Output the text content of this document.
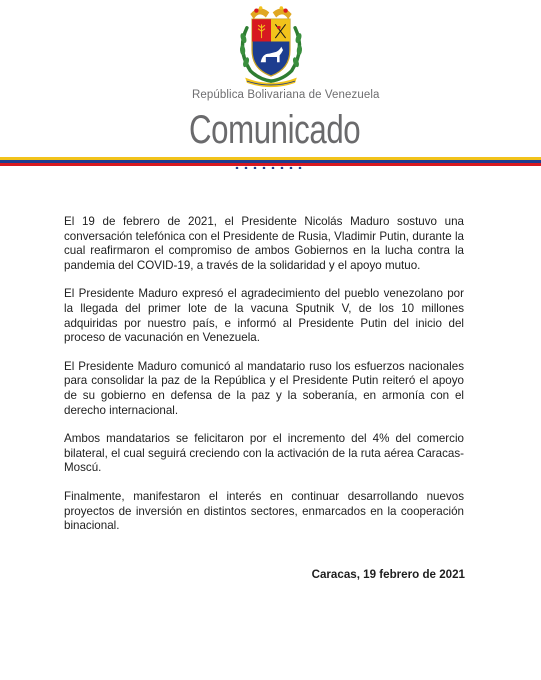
República Bolivariana de Venezuela
Comunicado

El 19 de febrero de 2021, el Presidente Nicolás Maduro sostuvo una conversación telefónica con el Presidente de Rusia, Vladimir Putin, durante la cual reafirmaron el compromiso de ambos Gobiernos en la lucha contra la pandemia del COVID-19, a través de la solidaridad y el apoyo mutuo.

El Presidente Maduro expresó el agradecimiento del pueblo venezolano por la llegada del primer lote de la vacuna Sputnik V, de los 10 millones adquiridas por nuestro país, e informó al Presidente Putin del inicio del proceso de vacunación en Venezuela.

El Presidente Maduro comunicó al mandatario ruso los esfuerzos nacionales para consolidar la paz de la República y el Presidente Putin reiteró el apoyo de su gobierno en defensa de la paz y la soberanía, en armonía con el derecho internacional.

Ambos mandatarios se felicitaron por el incremento del 4% del comercio bilateral, el cual seguirá creciendo con la activación de la ruta aérea Caracas-Moscú.

Finalmente, manifestaron el interés en continuar desarrollando nuevos proyectos de inversión en distintos sectores, enmarcados en la cooperación binacional.

Caracas, 19 febrero de 2021
